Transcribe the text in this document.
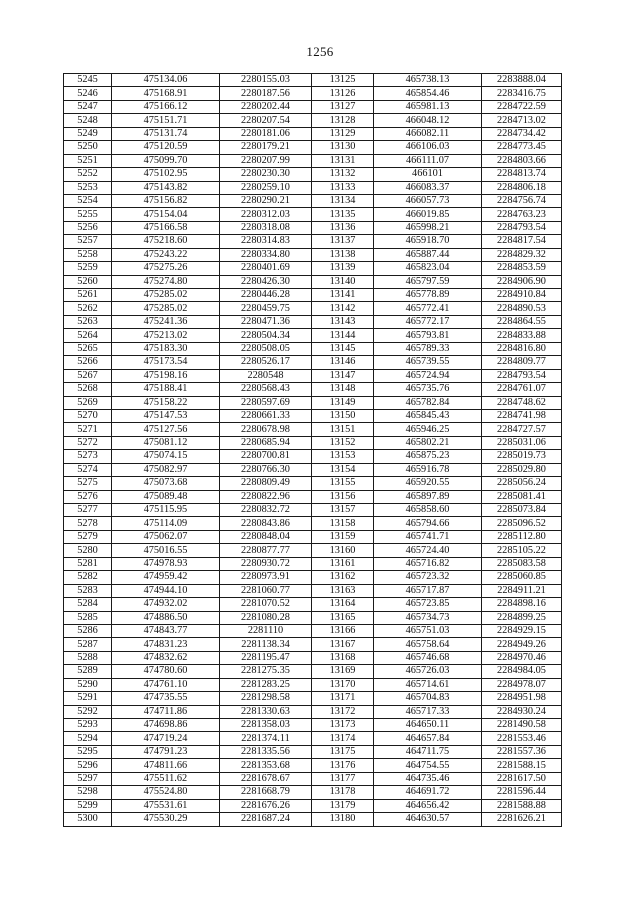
1256
5245	475134.06	2280155.03	13125	465738.13	2283888.04
5246	475168.91	2280187.56	13126	465854.46	2283416.75
5247	475166.12	2280202.44	13127	465981.13	2284722.59
5248	475151.71	2280207.54	13128	466048.12	2284713.02
5249	475131.74	2280181.06	13129	466082.11	2284734.42
5250	475120.59	2280179.21	13130	466106.03	2284773.45
5251	475099.70	2280207.99	13131	466111.07	2284803.66
5252	475102.95	2280230.30	13132	466101	2284813.74
5253	475143.82	2280259.10	13133	466083.37	2284806.18
5254	475156.82	2280290.21	13134	466057.73	2284756.74
5255	475154.04	2280312.03	13135	466019.85	2284763.23
5256	475166.58	2280318.08	13136	465998.21	2284793.54
5257	475218.60	2280314.83	13137	465918.70	2284817.54
5258	475243.22	2280334.80	13138	465887.44	2284829.32
5259	475275.26	2280401.69	13139	465823.04	2284853.59
5260	475274.80	2280426.30	13140	465797.59	2284906.90
5261	475285.02	2280446.28	13141	465778.89	2284910.84
5262	475285.02	2280459.75	13142	465772.41	2284890.53
5263	475241.36	2280471.36	13143	465772.17	2284864.55
5264	475213.02	2280504.34	13144	465793.81	2284833.88
5265	475183.30	2280508.05	13145	465789.33	2284816.80
5266	475173.54	2280526.17	13146	465739.55	2284809.77
5267	475198.16	2280548	13147	465724.94	2284793.54
5268	475188.41	2280568.43	13148	465735.76	2284761.07
5269	475158.22	2280597.69	13149	465782.84	2284748.62
5270	475147.53	2280661.33	13150	465845.43	2284741.98
5271	475127.56	2280678.98	13151	465946.25	2284727.57
5272	475081.12	2280685.94	13152	465802.21	2285031.06
5273	475074.15	2280700.81	13153	465875.23	2285019.73
5274	475082.97	2280766.30	13154	465916.78	2285029.80
5275	475073.68	2280809.49	13155	465920.55	2285056.24
5276	475089.48	2280822.96	13156	465897.89	2285081.41
5277	475115.95	2280832.72	13157	465858.60	2285073.84
5278	475114.09	2280843.86	13158	465794.66	2285096.52
5279	475062.07	2280848.04	13159	465741.71	2285112.80
5280	475016.55	2280877.77	13160	465724.40	2285105.22
5281	474978.93	2280930.72	13161	465716.82	2285083.58
5282	474959.42	2280973.91	13162	465723.32	2285060.85
5283	474944.10	2281060.77	13163	465717.87	2284911.21
5284	474932.02	2281070.52	13164	465723.85	2284898.16
5285	474886.50	2281080.28	13165	465734.73	2284899.25
5286	474843.77	2281110	13166	465751.03	2284929.15
5287	474831.23	2281138.34	13167	465758.64	2284949.26
5288	474832.62	2281195.47	13168	465746.68	2284970.46
5289	474780.60	2281275.35	13169	465726.03	2284984.05
5290	474761.10	2281283.25	13170	465714.61	2284978.07
5291	474735.55	2281298.58	13171	465704.83	2284951.98
5292	474711.86	2281330.63	13172	465717.33	2284930.24
5293	474698.86	2281358.03	13173	464650.11	2281490.58
5294	474719.24	2281374.11	13174	464657.84	2281553.46
5295	474791.23	2281335.56	13175	464711.75	2281557.36
5296	474811.66	2281353.68	13176	464754.55	2281588.15
5297	475511.62	2281678.67	13177	464735.46	2281617.50
5298	475524.80	2281668.79	13178	464691.72	2281596.44
5299	475531.61	2281676.26	13179	464656.42	2281588.88
5300	475530.29	2281687.24	13180	464630.57	2281626.21
